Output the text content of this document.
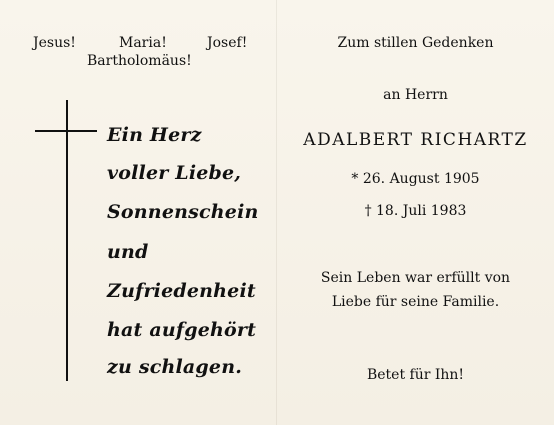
Jesus!	Maria!	Josef!
Bartholomäus!
Ein Herz
voller Liebe,
Sonnenschein
und
Zufriedenheit
hat aufgehört
zu schlagen.
Zum stillen Gedenken
an Herrn
ADALBERT RICHARTZ
* 26. August 1905
† 18. Juli 1983
Sein Leben war erfüllt von
Liebe für seine Familie.
Betet für Ihn!
